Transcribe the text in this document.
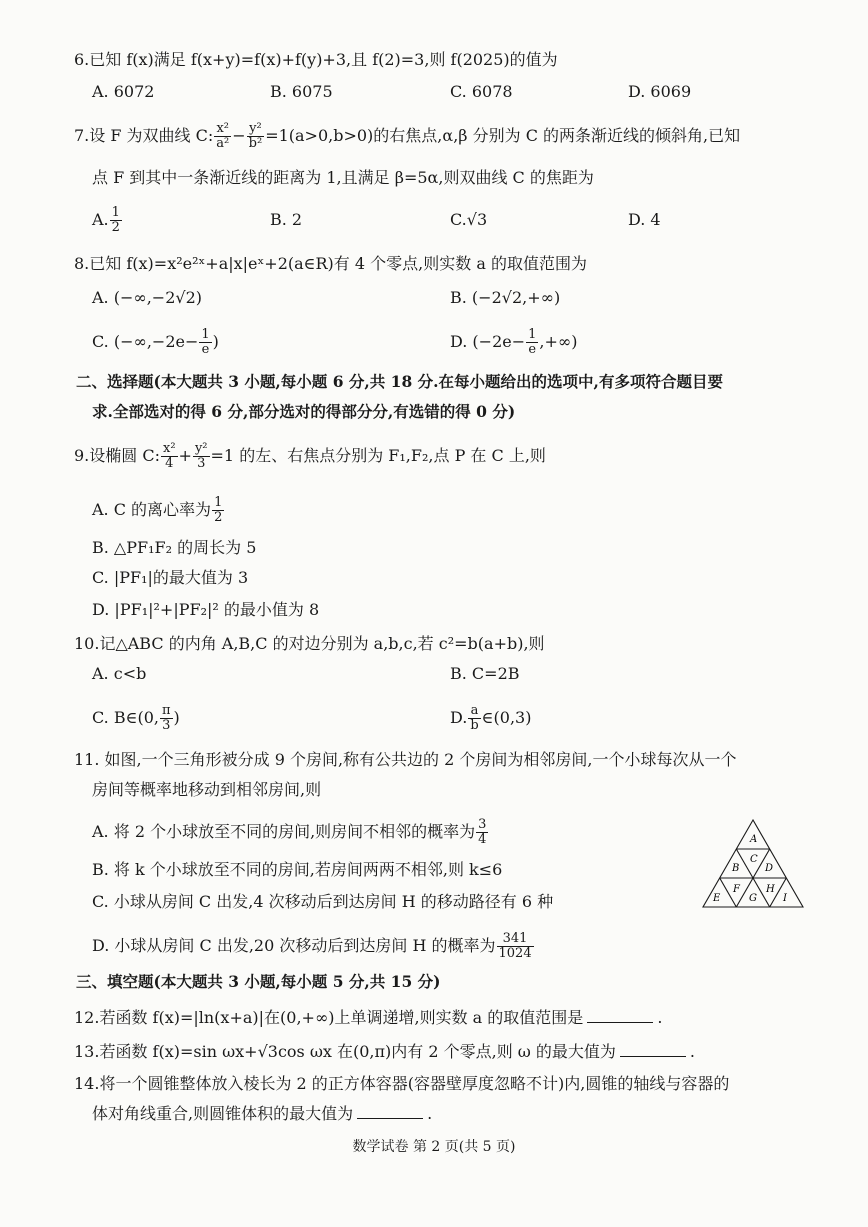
6.已知 f(x)满足 f(x+y)=f(x)+f(y)+3,且 f(2)=3,则 f(2025)的值为
A. 6072	B. 6075	C. 6078	D. 6069
7.设 F 为双曲线 C: $\frac{\text{x²}}{\text{a²}} - \frac{\text{y²}}{\text{b²}} =1(a>0,b>0)$的右焦点,α,β 分别为 C 的两条渐近线的倾斜角,已知
点 F 到其中一条渐近线的距离为 1,且满足 β=5α,则双曲线 C 的焦距为
A. $\frac{1}{2}$	B. 2	C.√3	D. 4
8.已知 f(x)=x²e²ˣ+a|x|eˣ+2(a∈R)有 4 个零点,则实数 a 的取值范围为
A. (−∞,−2√2)	B. (−2√2,+∞)
C. ($-\infty,-2e- \frac{1}{e}$ )	D. ($-2e- \frac{1}{e}$ ,+∞)
二、选择题(本大题共 3 小题,每小题 6 分,共 18 分.在每小题给出的选项中,有多项符合题目要
求.全部选对的得 6 分,部分选对的得部分分,有选错的得 0 分)
9.设椭圆 C: $\frac{\text{x²}}{4} + \frac{\text{y²}}{3} =1$ 的左、右焦点分别为 F₁,F₂,点 P 在 C 上,则
A. C 的离心率为 $\frac{1}{2}$
B. △PF₁F₂ 的周长为 5
C. |PF₁|的最大值为 3
D. |PF₁|²+|PF₂|² 的最小值为 8
10.记△ABC 的内角 A,B,C 的对边分别为 a,b,c,若 c²=b(a+b),则
A. c<b	B. C=2B
C. B∈(0, $\frac{\pi}{3}$ )	D. $\frac{a}{b}$ ∈(0,3)
11. 如图,一个三角形被分成 9 个房间,称有公共边的 2 个房间为相邻房间,一个小球每次从一个
房间等概率地移动到相邻房间,则
A. 将 2 个小球放至不同的房间,则房间不相邻的概率为 $\frac{3}{4}$
B. 将 k 个小球放至不同的房间,若房间两两不相邻,则 k≤6
C. 小球从房间 C 出发,4 次移动后到达房间 H 的移动路径有 6 种
D. 小球从房间 C 出发,20 次移动后到达房间 H 的概率为 $\frac{341}{1024}$
A
B
C
D
E
F
G
H
I
三、填空题(本大题共 3 小题,每小题 5 分,共 15 分)
12.若函数 f(x)=|ln(x+a)|在(0,+∞)上单调递增,则实数 a 的取值范围是	.
13.若函数 f(x)=sin ωx+√3cos ωx 在(0,π)内有 2 个零点,则 ω 的最大值为	.
14.将一个圆锥整体放入棱长为 2 的正方体容器(容器壁厚度忽略不计)内,圆锥的轴线与容器的
体对角线重合,则圆锥体积的最大值为	.
数学试卷 第 2 页(共 5 页)
